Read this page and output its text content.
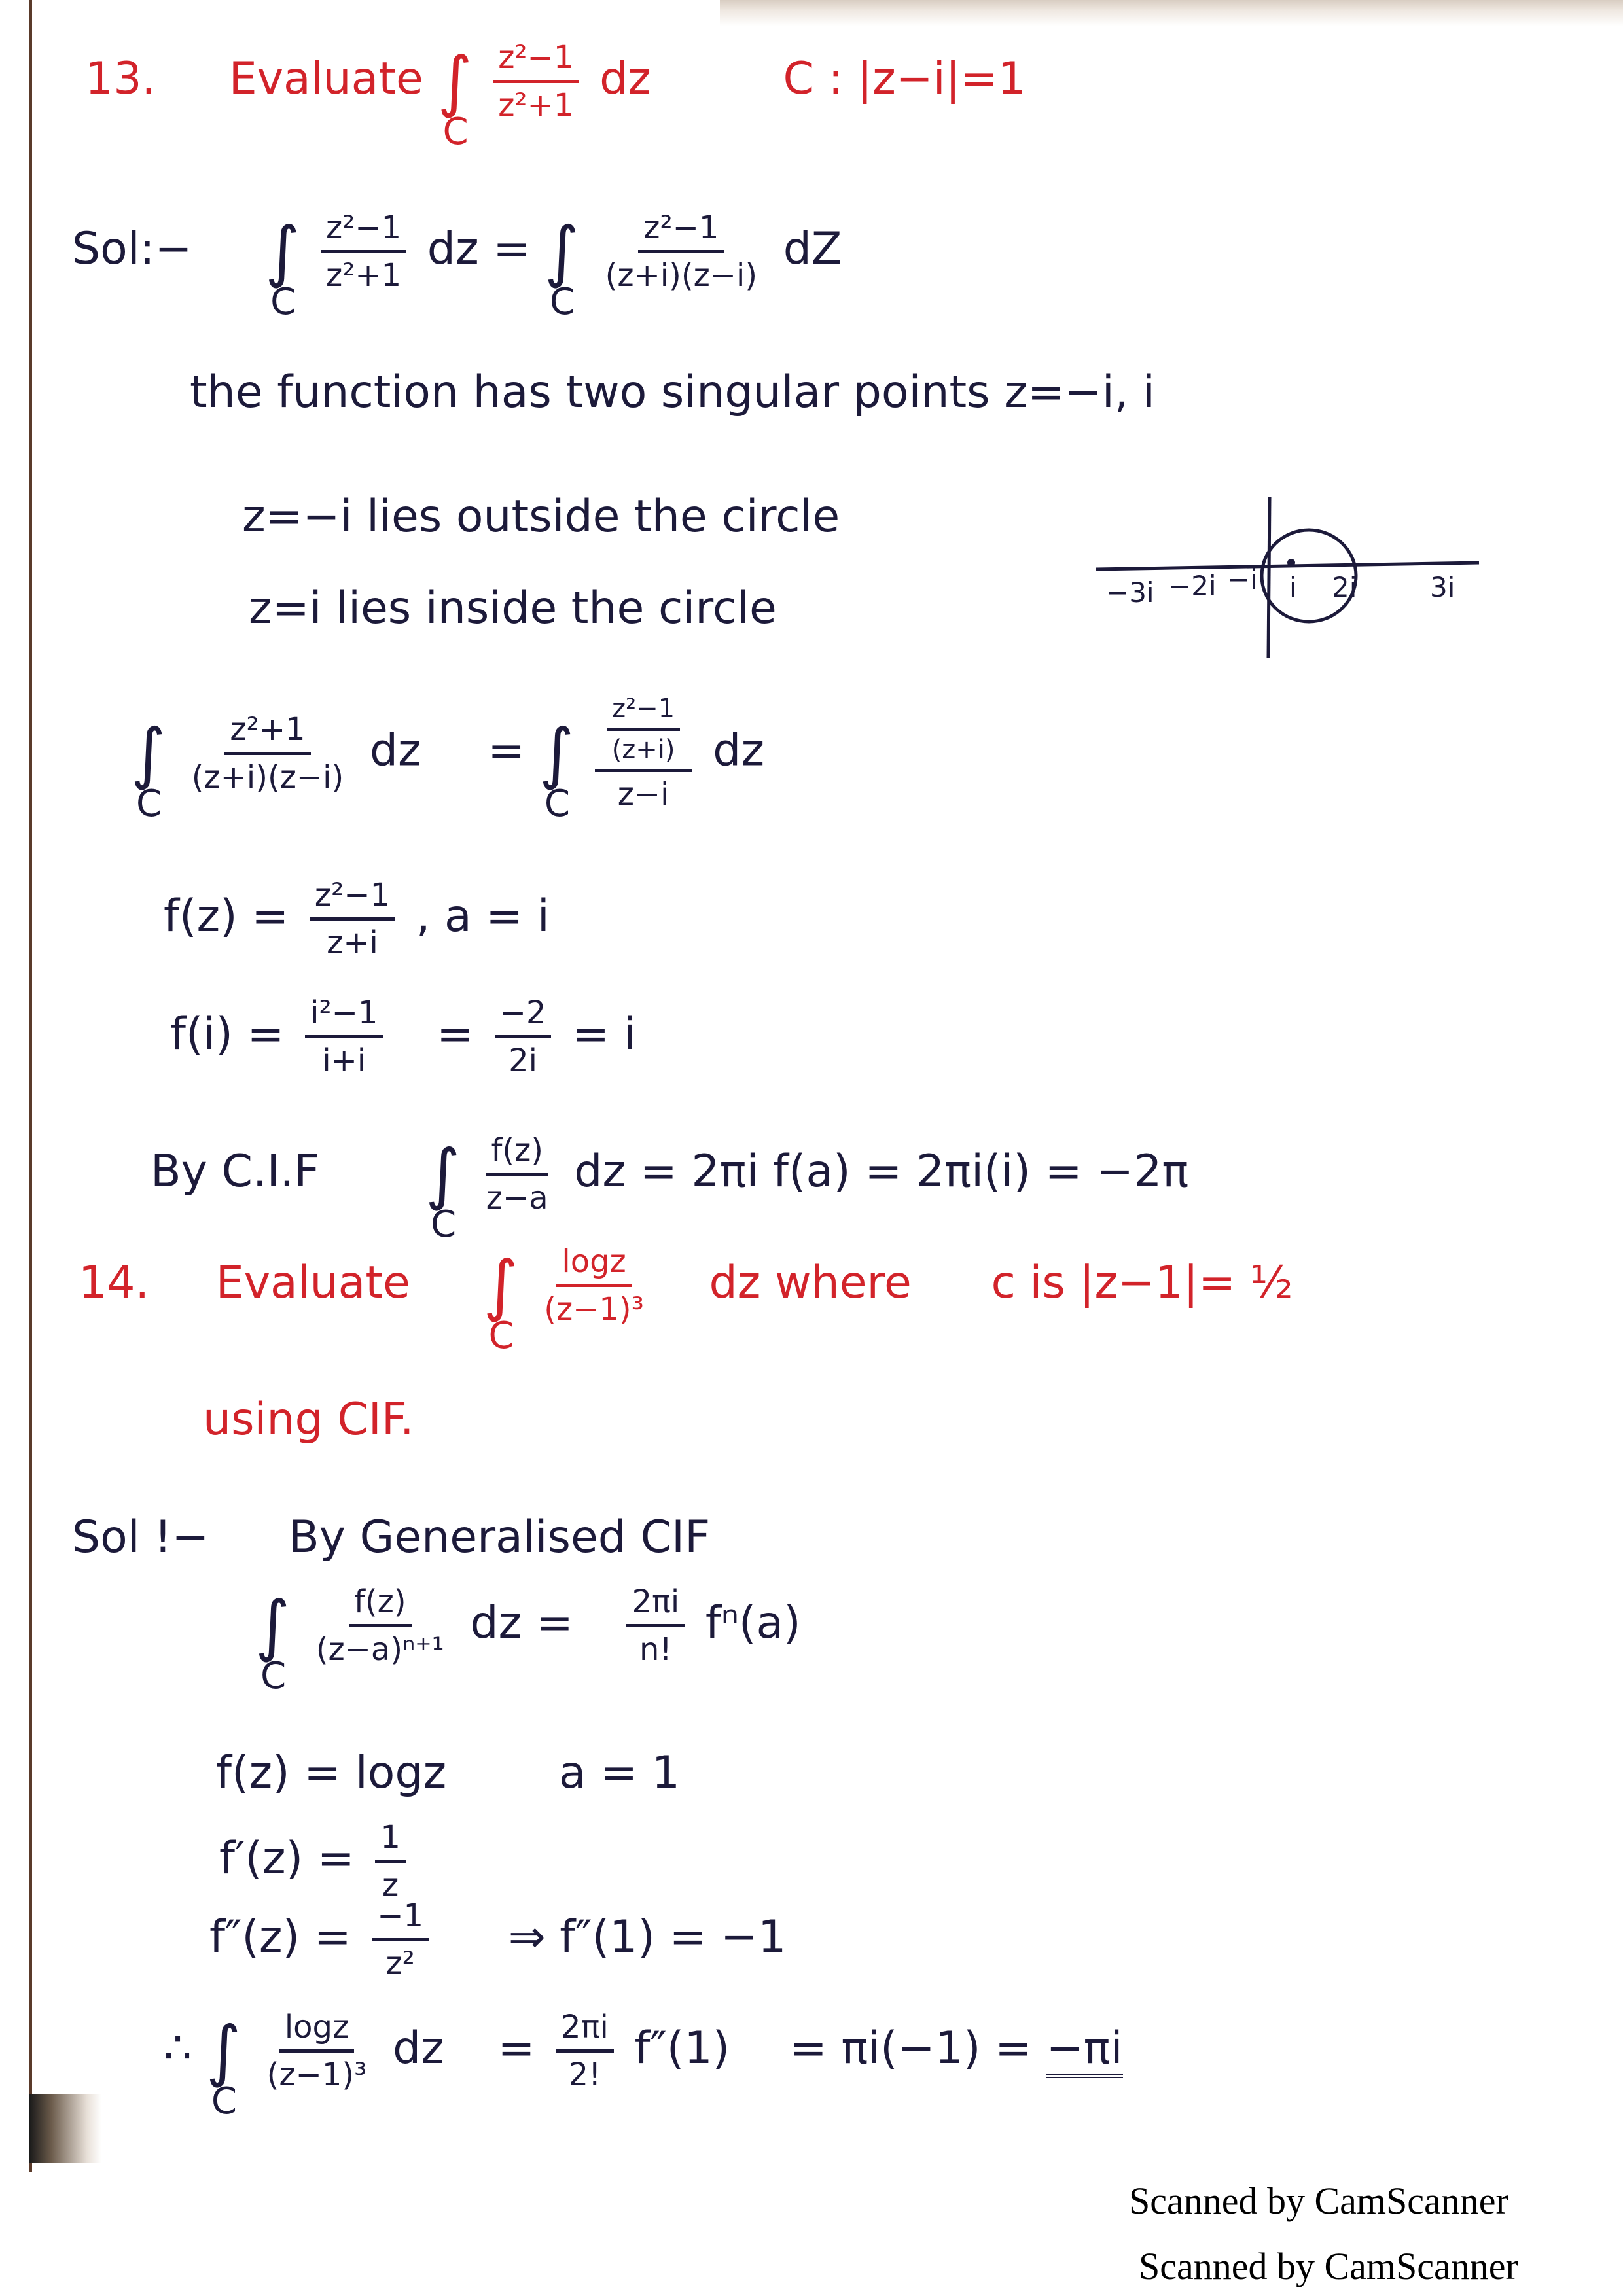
13. Evaluate ∫
C

$\frac{\text{z²−1}}{\text{z²+1}}$ dz	C : |z−i|=1
Sol:− ∫
C

$\frac{\text{z²−1}}{\text{z²+1}}$ dz = ∫
C

$\frac{\text{z²−1}}{(z+i)(z-i)}$ dZ
the function has two singular points z=−i, i
z=−i lies outside the circle
z=i lies inside the circle	−3i −2i −i i 2i	3i
∫
C

$\frac{\text{z²+1}}{(z+i)(z-i)}$ dz = ∫
C
$\frac{\frac{\text{z²−1}}{(z+i)}}{z-i}$ dz
$f(z) = \frac{\text{z²−1}}{z+i}$ , a = i
$f(i) = \frac{\text{i²−1}}{i+i} = \frac{-2}{2i} = i$
By C.I.F ∫
C

$\frac{f(z)}{z-a}$ dz = 2πi f(a) = 2πi(i) = −2π
14. Evaluate ∫
C

$\frac{\log z}{\text{(z−1)³}}$ dz where c is |z−1|= ½
using CIF.
Sol !− By Generalised CIF
∫
C

$\frac{f(z)}{\text{(z−a)ⁿ⁺¹}}$ dz = $\frac{2\pi i}{n!} f^n(a)$
f(z) = logz	a = 1
$f'(z) = \frac{1}{z}$
$f''(z) = \frac{-1}{\text{z²}}$ ⇒ f″(1) = −1
∴ ∫
C

$\frac{\log z}{\text{(z−1)³}}$ dz = $\frac{2\pi i}{2!} f''(1) = \pi i(-1) = -\pi i$
Scanned by CamScanner
Scanned by CamScanner
